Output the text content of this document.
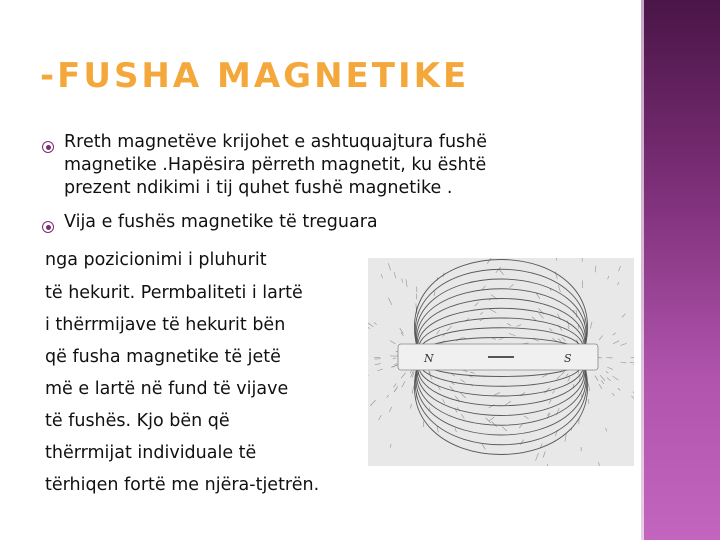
-FUSHA MAGNETIKE
Rreth magnetëve krijohet e ashtuquajtura fushë
magnetike .Hapësira përreth magnetit, ku është
prezent ndikimi i tij quhet fushë magnetike .
Vija e fushës magnetike të treguara
N	S
nga pozicionimi i pluhurit
të hekurit. Permbaliteti i lartë
i thërrmijave të hekurit bën
që fusha magnetike të jetë
më e lartë në fund të vijave
të fushës. Kjo bën që
thërrmijat individuale të
tërhiqen fortë me njëra-tjetrën.
